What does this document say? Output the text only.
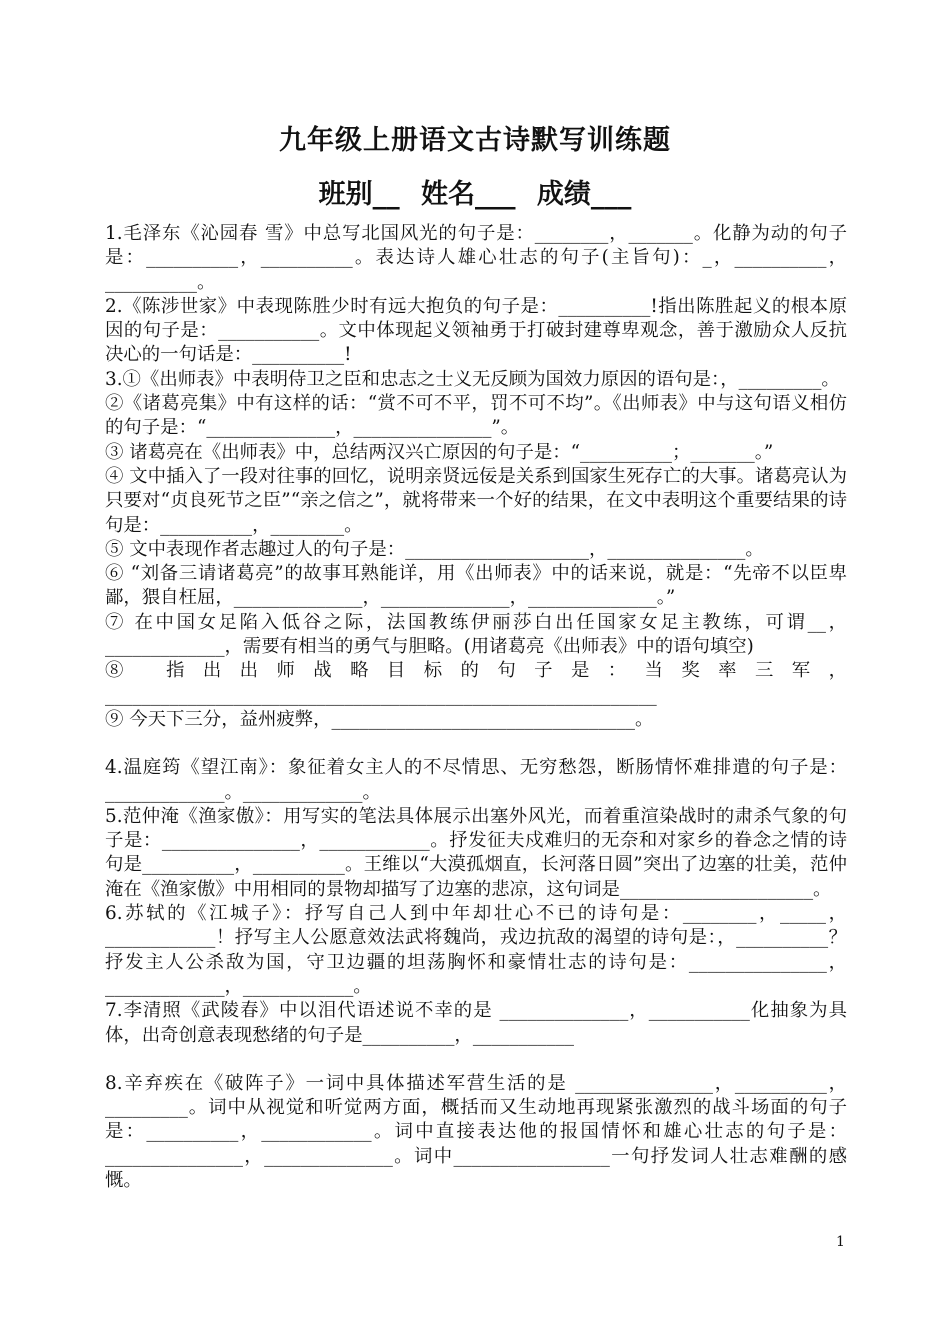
九年级上册语文古诗默写训练题
班别__ 姓名___ 成绩___

1.毛泽东《沁园春 雪》中总写北国风光的句子是：________，_______。化静为动的句子是：__________，__________。表达诗人雄心壮志的句子(主旨句)：_，__________，__________。

2.《陈涉世家》中表现陈胜少时有远大抱负的句子是：__________!指出陈胜起义的根本原因的句子是：___________。文中体现起义领袖勇于打破封建尊卑观念，善于激励众人反抗决心的一句话是：__________!

3.①《出师表》中表明侍卫之臣和忠志之士义无反顾为国效力原因的语句是：，_________。

②《诸葛亮集》中有这样的话：“赏不可不平，罚不可不均”。《出师表》中与这句语义相仿的句子是：“______________，_______________”。

③ 诸葛亮在《出师表》中，总结两汉兴亡原因的句子是：“__________；_______。”

④ 文中插入了一段对往事的回忆，说明亲贤远佞是关系到国家生死存亡的大事。诸葛亮认为只要对“贞良死节之臣”“亲之信之”，就将带来一个好的结果，在文中表明这个重要结果的诗句是：__________，________。

⑤ 文中表现作者志趣过人的句子是：____________________，_______________。

⑥ “刘备三请诸葛亮”的故事耳熟能详，用《出师表》中的话来说，就是：“先帝不以臣卑鄙，猥自枉屈，______________，______________，______________。”

⑦ 在中国女足陷入低谷之际，法国教练伊丽莎白出任国家女足主教练，可谓__，_____________，需要有相当的勇气与胆略。(用诸葛亮《出师表》中的语句填空)

⑧ 指出出师战略目标的句子是：当奖率三军，____________________________________________________________

⑨ 今天下三分，益州疲弊，_________________________________。

4.温庭筠《望江南》：象征着女主人的不尽情思、无穷愁怨，断肠情怀难排遣的句子是：_____________。_____________。

5.范仲淹《渔家傲》：用写实的笔法具体展示出塞外风光，而着重渲染战时的肃杀气象的句子是：_______________，____________。抒发征夫戍难归的无奈和对家乡的眷念之情的诗句是__________，__________。王维以“大漠孤烟直，长河落日圆”突出了边塞的壮美，范仲淹在《渔家傲》中用相同的景物却描写了边塞的悲凉，这句词是_____________________。

6.苏轼的《江城子》：抒写自己人到中年却壮心不已的诗句是：________，_____，____________！抒写主人公愿意效法武将魏尚，戎边抗敌的渴望的诗句是：，__________？抒发主人公杀敌为国，守卫边疆的坦荡胸怀和豪情壮志的诗句是：_______________，_____________，____________。

7.李清照《武陵春》中以泪代语述说不幸的是 ______________，___________化抽象为具体，出奇创意表现愁绪的句子是__________，___________

8.辛弃疾在《破阵子》一词中具体描述军营生活的是 _______________，__________，_________。词中从视觉和听觉两方面，概括而又生动地再现紧张激烈的战斗场面的句子是：__________，____________。词中直接表达他的报国情怀和雄心壮志的句子是：_______________，______________。词中_________________一句抒发词人壮志难酬的感慨。

1
